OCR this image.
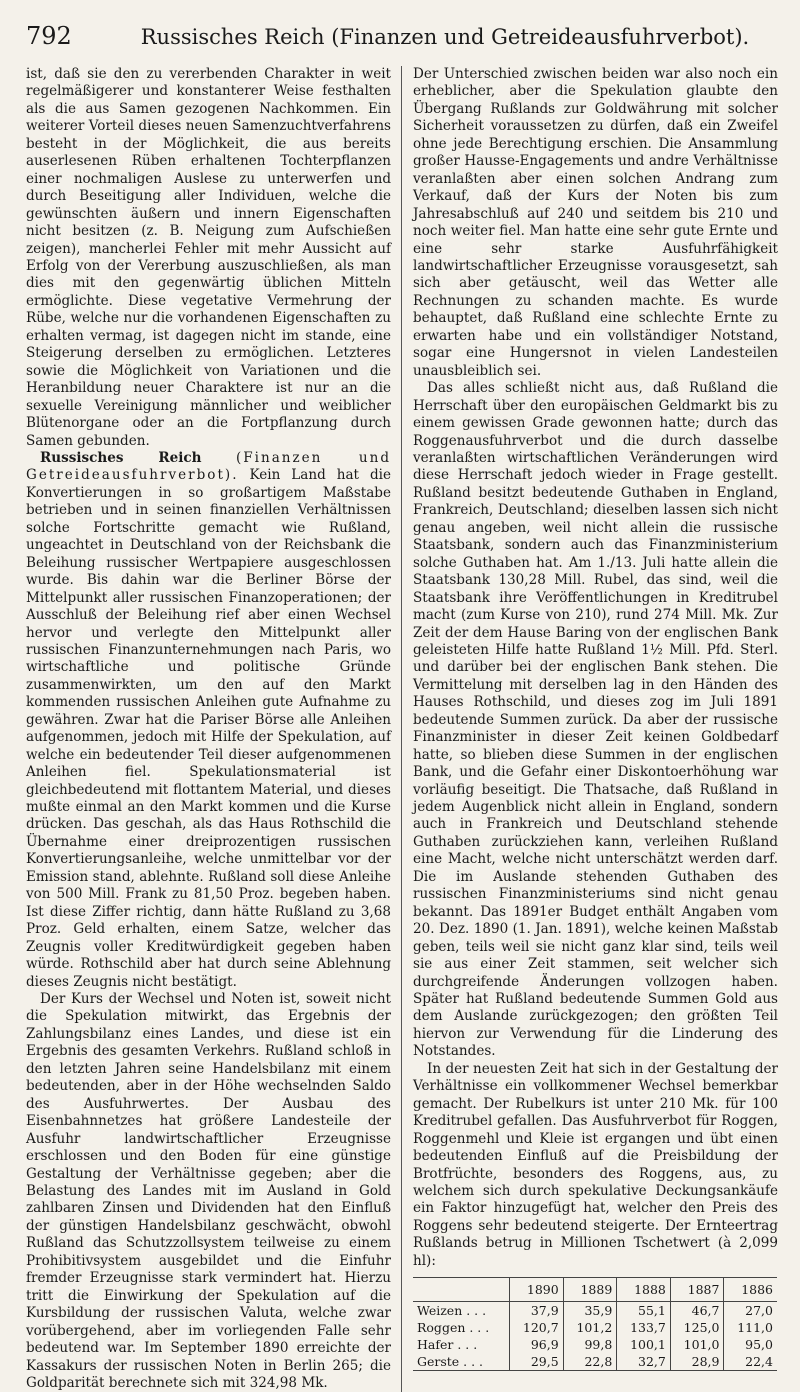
792	Russisches Reich (Finanzen und Getreideausfuhrverbot).

ist, daß sie den zu vererbenden Charakter in weit regelmäßigerer und konstanterer Weise festhalten als die aus Samen gezogenen Nachkommen. Ein weiterer Vorteil dieses neuen Samenzuchtverfahrens besteht in der Möglichkeit, die aus bereits auserlesenen Rüben erhaltenen Tochterpflanzen einer nochmaligen Auslese zu unterwerfen und durch Beseitigung aller Individuen, welche die gewünschten äußern und innern Eigenschaften nicht besitzen (z. B. Neigung zum Aufschießen zeigen), mancherlei Fehler mit mehr Aussicht auf Erfolg von der Vererbung auszuschließen, als man dies mit den gegenwärtig üblichen Mitteln ermöglichte. Diese vegetative Vermehrung der Rübe, welche nur die vorhandenen Eigenschaften zu erhalten vermag, ist dagegen nicht im stande, eine Steigerung derselben zu ermöglichen. Letzteres sowie die Möglichkeit von Variationen und die Heranbildung neuer Charaktere ist nur an die sexuelle Vereinigung männlicher und weiblicher Blütenorgane oder an die Fortpflanzung durch Samen gebunden.

Russisches Reich	(Finanzen und Getreideausfuhrverbot). Kein Land hat die Konvertierungen in so großartigem Maßstabe betrieben und in seinen finanziellen Verhältnissen solche Fortschritte gemacht wie Rußland, ungeachtet in Deutschland von der Reichsbank die Beleihung russischer Wertpapiere ausgeschlossen wurde. Bis dahin war die Berliner Börse der Mittelpunkt aller russischen Finanzoperationen; der Ausschluß der Beleihung rief aber einen Wechsel hervor und verlegte den Mittelpunkt aller russischen Finanzunternehmungen nach Paris, wo wirtschaftliche und politische Gründe zusammenwirkten, um den auf den Markt kommenden russischen Anleihen gute Aufnahme zu gewähren. Zwar hat die Pariser Börse alle Anleihen aufgenommen, jedoch mit Hilfe der Spekulation, auf welche ein bedeutender Teil dieser aufgenommenen Anleihen fiel. Spekulationsmaterial ist gleichbedeutend mit flottantem Material, und dieses mußte einmal an den Markt kommen und die Kurse drücken. Das geschah, als das Haus Rothschild die Übernahme einer dreiprozentigen russischen Konvertierungsanleihe, welche unmittelbar vor der Emission stand, ablehnte. Rußland soll diese Anleihe von 500 Mill. Frank zu 81,50 Proz. begeben haben. Ist diese Ziffer richtig, dann hätte Rußland zu 3,68 Proz. Geld erhalten, einem Satze, welcher das Zeugnis voller Kreditwürdigkeit gegeben haben würde. Rothschild aber hat durch seine Ablehnung dieses Zeugnis nicht bestätigt.

Der Kurs der Wechsel und Noten ist, soweit nicht die Spekulation mitwirkt, das Ergebnis der Zahlungsbilanz eines Landes, und diese ist ein Ergebnis des gesamten Verkehrs. Rußland schloß in den letzten Jahren seine Handelsbilanz mit einem bedeutenden, aber in der Höhe wechselnden Saldo des Ausfuhrwertes. Der Ausbau des Eisenbahnnetzes hat größere Landesteile der Ausfuhr landwirtschaftlicher Erzeugnisse erschlossen und den Boden für eine günstige Gestaltung der Verhältnisse gegeben; aber die Belastung des Landes mit im Ausland in Gold zahlbaren Zinsen und Dividenden hat den Einfluß der günstigen Handelsbilanz geschwächt, obwohl Rußland das Schutzzollsystem teilweise zu einem Prohibitivsystem ausgebildet und die Einfuhr fremder Erzeugnisse stark vermindert hat. Hierzu tritt die Einwirkung der Spekulation auf die Kursbildung der russischen Valuta, welche zwar vorübergehend, aber im vorliegenden Falle sehr bedeutend war. Im September 1890 erreichte der Kassakurs der russischen Noten in Berlin 265; die Goldparität berechnete sich mit 324,98 Mk.

Der Unterschied zwischen beiden war also noch ein erheblicher, aber die Spekulation glaubte den Übergang Rußlands zur Goldwährung mit solcher Sicherheit voraussetzen zu dürfen, daß ein Zweifel ohne jede Berechtigung erschien. Die Ansammlung großer Hausse-Engagements und andre Verhältnisse veranlaßten aber einen solchen Andrang zum Verkauf, daß der Kurs der Noten bis zum Jahresabschluß auf 240 und seitdem bis 210 und noch weiter fiel. Man hatte eine sehr gute Ernte und eine sehr starke Ausfuhrfähigkeit landwirtschaftlicher Erzeugnisse vorausgesetzt, sah sich aber getäuscht, weil das Wetter alle Rechnungen zu schanden machte. Es wurde behauptet, daß Rußland eine schlechte Ernte zu erwarten habe und ein vollständiger Notstand, sogar eine Hungersnot in vielen Landesteilen unausbleiblich sei.

Das alles schließt nicht aus, daß Rußland die Herrschaft über den europäischen Geldmarkt bis zu einem gewissen Grade gewonnen hatte; durch das Roggenausfuhrverbot und die durch dasselbe veranlaßten wirtschaftlichen Veränderungen wird diese Herrschaft jedoch wieder in Frage gestellt. Rußland besitzt bedeutende Guthaben in England, Frankreich, Deutschland; dieselben lassen sich nicht genau angeben, weil nicht allein die russische Staatsbank, sondern auch das Finanzministerium solche Guthaben hat. Am 1./13. Juli hatte allein die Staatsbank 130,28 Mill. Rubel, das sind, weil die Staatsbank ihre Veröffentlichungen in Kreditrubel macht (zum Kurse von 210), rund 274 Mill. Mk. Zur Zeit der dem Hause Baring von der englischen Bank geleisteten Hilfe hatte Rußland 1½ Mill. Pfd. Sterl. und darüber bei der englischen Bank stehen. Die Vermittelung mit derselben lag in den Händen des Hauses Rothschild, und dieses zog im Juli 1891 bedeutende Summen zurück. Da aber der russische Finanzminister in dieser Zeit keinen Goldbedarf hatte, so blieben diese Summen in der englischen Bank, und die Gefahr einer Diskontoerhöhung war vorläufig beseitigt. Die Thatsache, daß Rußland in jedem Augenblick nicht allein in England, sondern auch in Frankreich und Deutschland stehende Guthaben zurückziehen kann, verleihen Rußland eine Macht, welche nicht unterschätzt werden darf. Die im Auslande stehenden Guthaben des russischen Finanzministeriums sind nicht genau bekannt. Das 1891er Budget enthält Angaben vom 20. Dez. 1890 (1. Jan. 1891), welche keinen Maßstab geben, teils weil sie nicht ganz klar sind, teils weil sie aus einer Zeit stammen, seit welcher sich durchgreifende Änderungen vollzogen haben. Später hat Rußland bedeutende Summen Gold aus dem Auslande zurückgezogen; den größten Teil hiervon zur Verwendung für die Linderung des Notstandes.

In der neuesten Zeit hat sich in der Gestaltung der Verhältnisse ein vollkommener Wechsel bemerkbar gemacht. Der Rubelkurs ist unter 210 Mk. für 100 Kreditrubel gefallen. Das Ausfuhrverbot für Roggen, Roggenmehl und Kleie ist ergangen und übt einen bedeutenden Einfluß auf die Preisbildung der Brotfrüchte, besonders des Roggens, aus, zu welchem sich durch spekulative Deckungsankäufe ein Faktor hinzugefügt hat, welcher den Preis des Roggens sehr bedeutend steigerte. Der Ernteertrag Rußlands betrug in Millionen Tschetwert (à 2,099 hl):

	1890	1889	1888	1887	1886
Weizen . . .	37,9	35,9	55,1	46,7	27,0
Roggen . . .	120,7	101,2	133,7	125,0	111,0
Hafer . . .	96,9	99,8	100,1	101,0	95,0
Gerste . . .	29,5	22,8	32,7	28,9	22,4
